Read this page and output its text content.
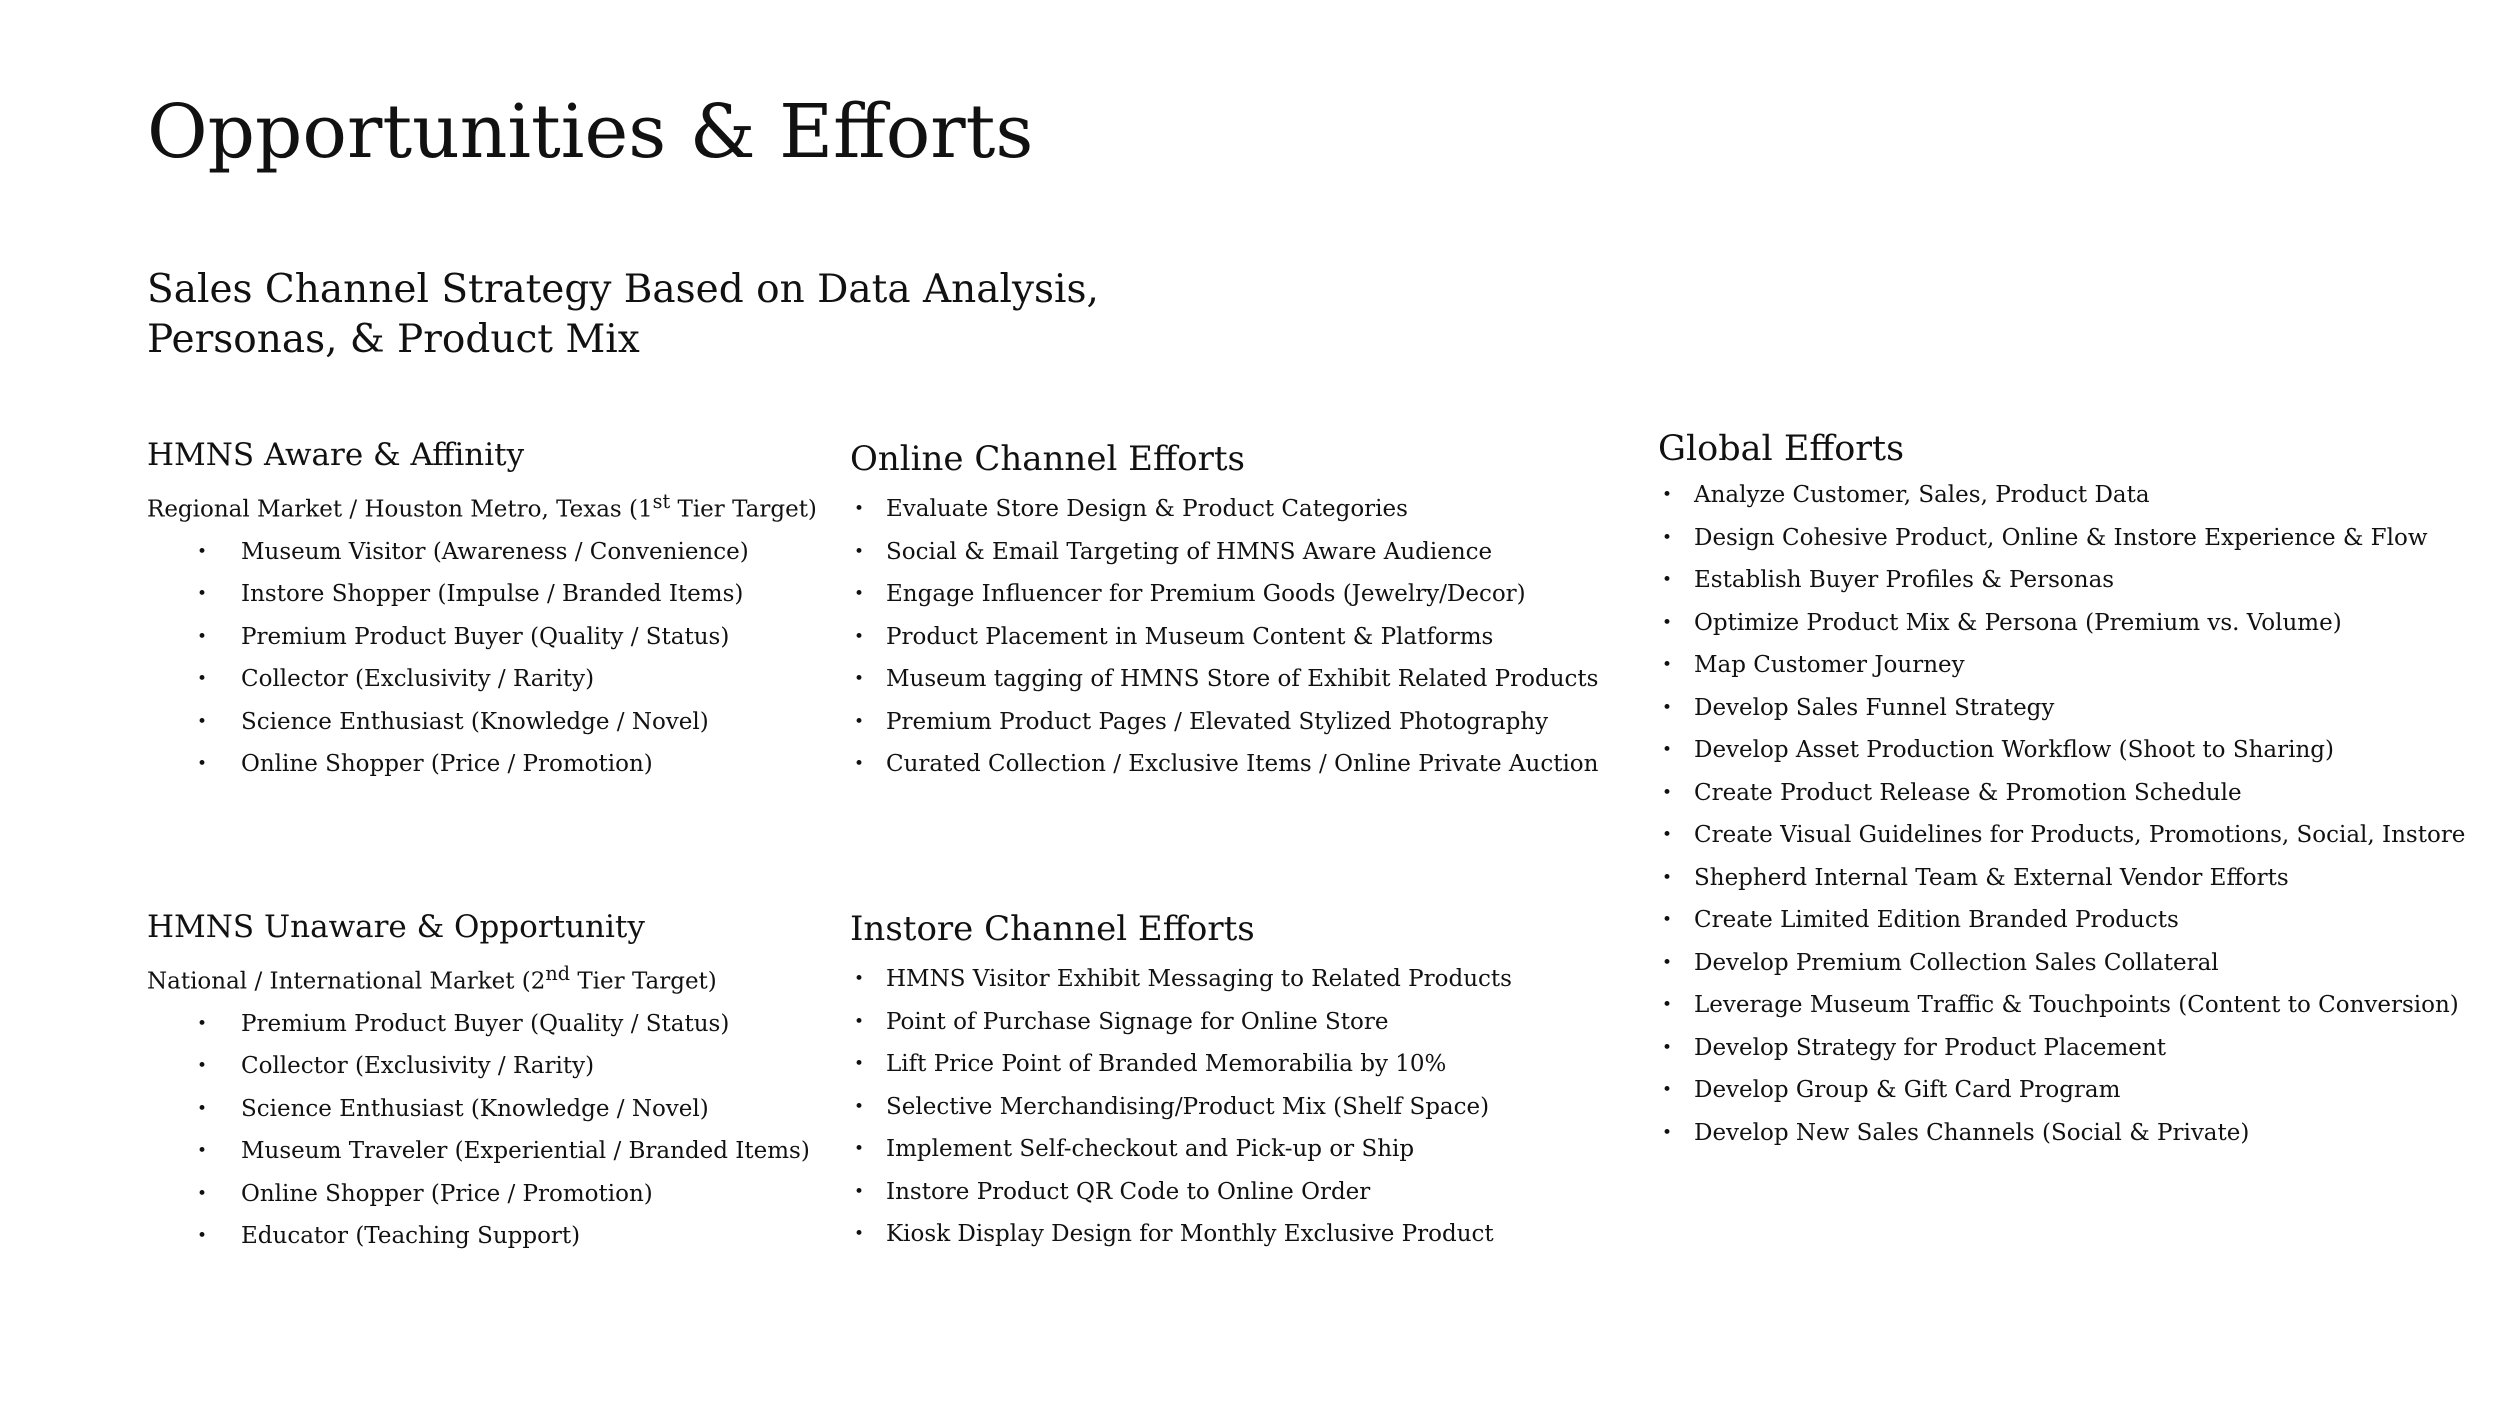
Opportunities & Efforts
Sales Channel Strategy Based on Data Analysis,
Personas, & Product Mix
HMNS Aware & Affinity

Regional Market / Houston Metro, Texas (1st Tier Target)

• Museum Visitor (Awareness / Convenience)
• Instore Shopper (Impulse / Branded Items)
• Premium Product Buyer (Quality / Status)
• Collector (Exclusivity / Rarity)
• Science Enthusiast (Knowledge / Novel)
• Online Shopper (Price / Promotion)
HMNS Unaware & Opportunity

National / International Market (2nd Tier Target)

• Premium Product Buyer (Quality / Status)
• Collector (Exclusivity / Rarity)
• Science Enthusiast (Knowledge / Novel)
• Museum Traveler (Experiential / Branded Items)
• Online Shopper (Price / Promotion)
• Educator (Teaching Support)
Online Channel Efforts
• Evaluate Store Design & Product Categories
• Social & Email Targeting of HMNS Aware Audience
• Engage Influencer for Premium Goods (Jewelry/Decor)
• Product Placement in Museum Content & Platforms
• Museum tagging of HMNS Store of Exhibit Related Products
• Premium Product Pages / Elevated Stylized Photography
• Curated Collection / Exclusive Items / Online Private Auction
Instore Channel Efforts
• HMNS Visitor Exhibit Messaging to Related Products
• Point of Purchase Signage for Online Store
• Lift Price Point of Branded Memorabilia by 10%
• Selective Merchandising/Product Mix (Shelf Space)
• Implement Self-checkout and Pick-up or Ship
• Instore Product QR Code to Online Order
• Kiosk Display Design for Monthly Exclusive Product
Global Efforts
• Analyze Customer, Sales, Product Data
• Design Cohesive Product, Online & Instore Experience & Flow
• Establish Buyer Profiles & Personas
• Optimize Product Mix & Persona (Premium vs. Volume)
• Map Customer Journey
• Develop Sales Funnel Strategy
• Develop Asset Production Workflow (Shoot to Sharing)
• Create Product Release & Promotion Schedule
• Create Visual Guidelines for Products, Promotions, Social, Instore
• Shepherd Internal Team & External Vendor Efforts
• Create Limited Edition Branded Products
• Develop Premium Collection Sales Collateral
• Leverage Museum Traffic & Touchpoints (Content to Conversion)
• Develop Strategy for Product Placement
• Develop Group & Gift Card Program
• Develop New Sales Channels (Social & Private)
